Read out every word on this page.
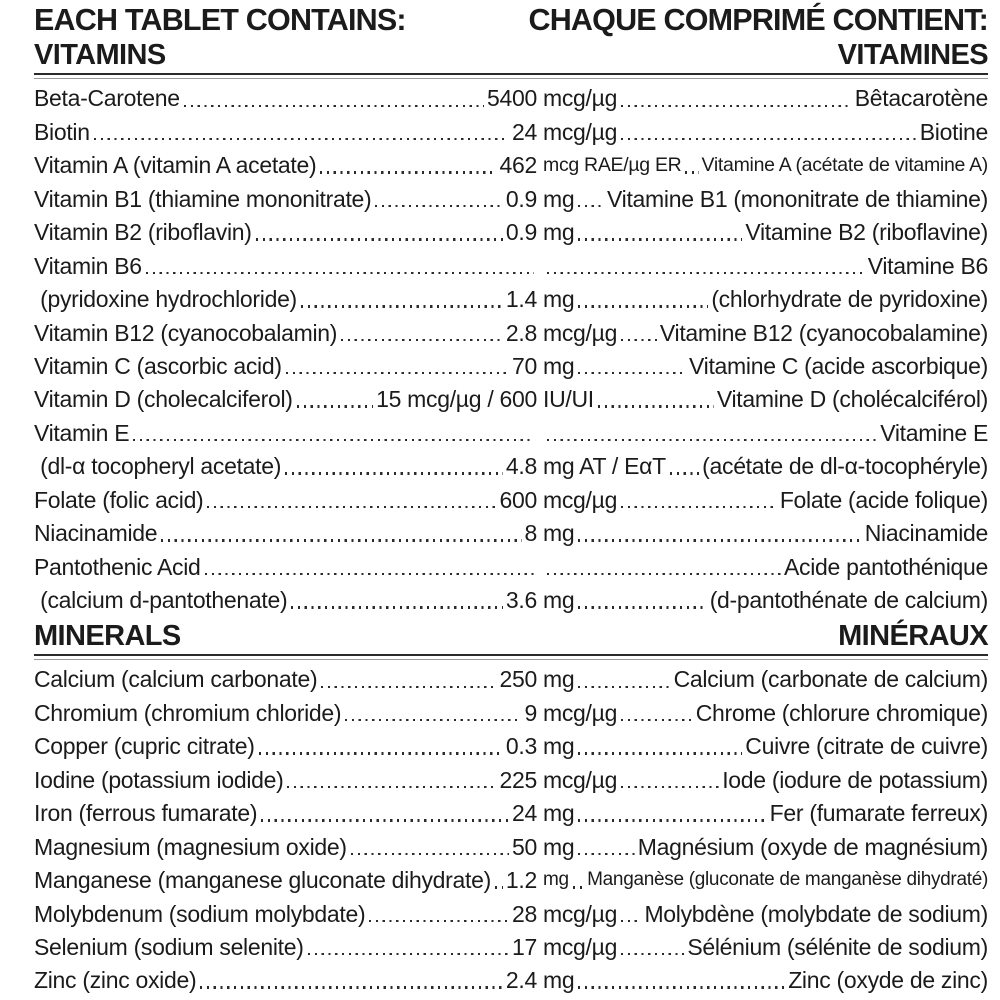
EACH TABLET CONTAINS:	CHAQUE COMPRIMÉ CONTIENT:
VITAMINS	VITAMINES
Beta-Carotene	5400 mcg/µg	Bêtacarotène
Biotin	24 mcg/µg	Biotine
Vitamin A (vitamin A acetate)	462 mcg RAE/µg ER Vitamine A (acétate de vitamine A)
Vitamin B1 (thiamine mononitrate)	0.9 mg Vitamine B1 (mononitrate de thiamine)
Vitamin B2 (riboflavin)	0.9 mg	Vitamine B2 (riboflavine)
Vitamin B6	Vitamine B6
(pyridoxine hydrochloride)	1.4 mg	(chlorhydrate de pyridoxine)
Vitamin B12 (cyanocobalamin)	2.8 mcg/µg Vitamine B12 (cyanocobalamine)
Vitamin C (ascorbic acid)	70 mg	Vitamine C (acide ascorbique)
Vitamin D (cholecalciferol)	15 mcg/µg / 600 IU/UI	Vitamine D (cholécalciférol)
Vitamin E	Vitamine E
(dl-α tocopheryl acetate)	4.8 mg AT / EαT (acétate de dl-α-tocophéryle)
Folate (folic acid)	600 mcg/µg	Folate (acide folique)
Niacinamide	8 mg	Niacinamide
Pantothenic Acid	Acide pantothénique
(calcium d-pantothenate)	3.6 mg	(d-pantothénate de calcium)
MINERALS	MINÉRAUX
Calcium (calcium carbonate)	250 mg	Calcium (carbonate de calcium)
Chromium (chromium chloride)	9 mcg/µg	Chrome (chlorure chromique)
Copper (cupric citrate)	0.3 mg	Cuivre (citrate de cuivre)
Iodine (potassium iodide)	225 mcg/µg	Iode (iodure de potassium)
Iron (ferrous fumarate)	24 mg	Fer (fumarate ferreux)
Magnesium (magnesium oxide)	50 mg	Magnésium (oxyde de magnésium)
Manganese (manganese gluconate dihydrate) 1.2 mg Manganèse (gluconate de manganèse dihydraté)
Molybdenum (sodium molybdate)	28 mcg/µg Molybdène (molybdate de sodium)
Selenium (sodium selenite)	17 mcg/µg	Sélénium (sélénite de sodium)
Zinc (zinc oxide)	2.4 mg	Zinc (oxyde de zinc)
